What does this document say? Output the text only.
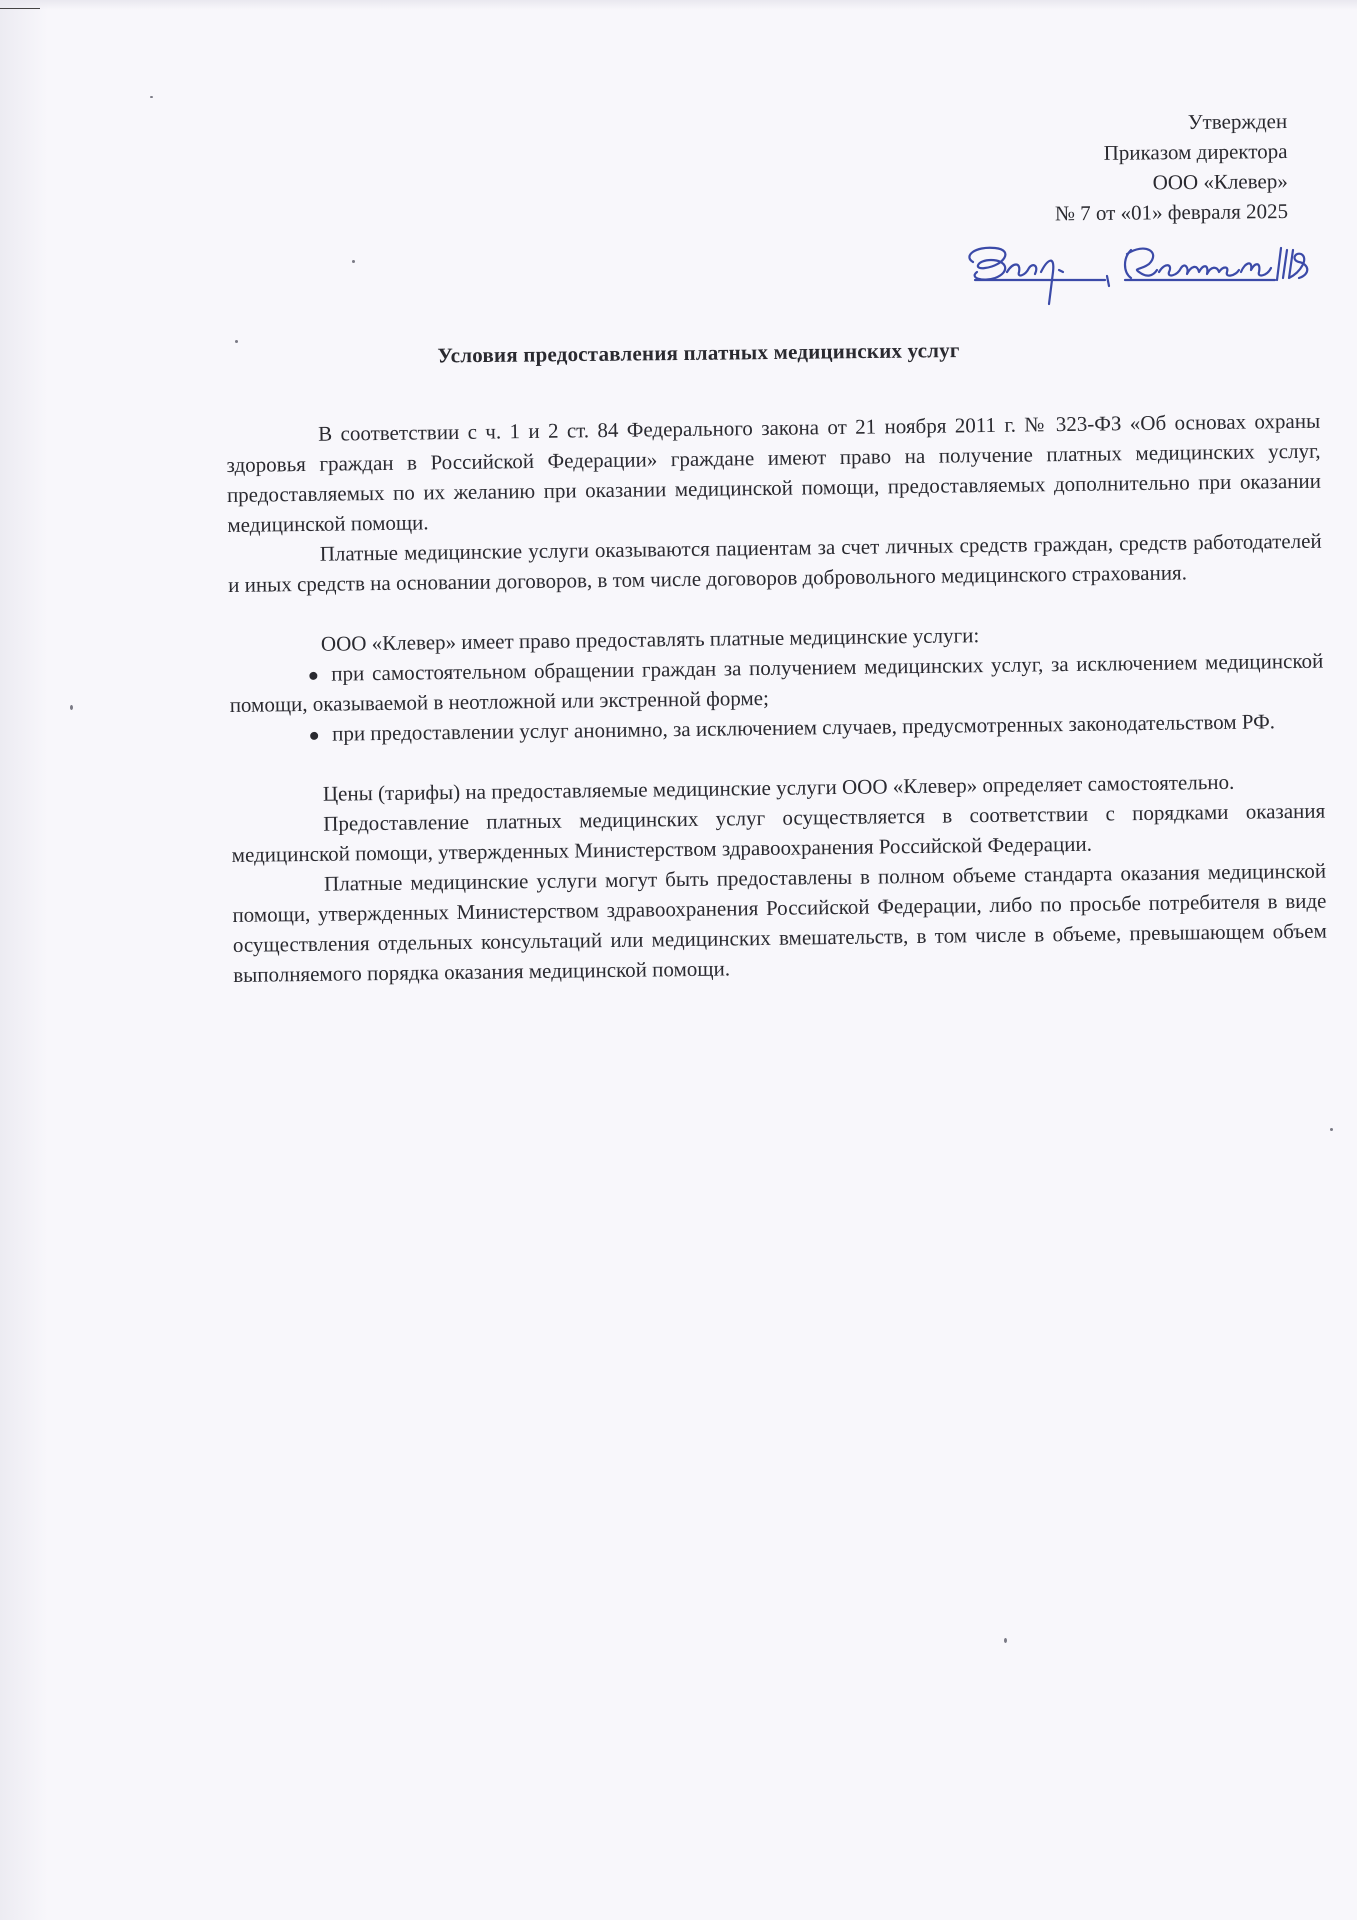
Утвержден
Приказом директора
ООО «Клевер»
№ 7 от «01» февраля 2025
Условия предоставления платных медицинских услуг

В соответствии с ч. 1 и 2 ст. 84 Федерального закона от 21 ноября 2011 г. № 323-ФЗ «Об основах охраны здоровья граждан в Российской Федерации» граждане имеют право на получение платных медицинских услуг, предоставляемых по их желанию при оказании медицинской помощи, предоставляемых дополнительно при оказании медицинской помощи.

Платные медицинские услуги оказываются пациентам за счет личных средств граждан, средств работодателей и иных средств на основании договоров, в том числе договоров добровольного медицинского страхования.

ООО «Клевер» имеет право предоставлять платные медицинские услуги:

при самостоятельном обращении граждан за получением медицинских услуг, за исключением медицинской помощи, оказываемой в неотложной или экстренной форме;
при предоставлении услуг анонимно, за исключением случаев, предусмотренных законодательством РФ.

Цены (тарифы) на предоставляемые медицинские услуги ООО «Клевер» определяет самостоятельно.

Предоставление платных медицинских услуг осуществляется в соответствии с порядками оказания медицинской помощи, утвержденных Министерством здравоохранения Российской Федерации.

Платные медицинские услуги могут быть предоставлены в полном объеме стандарта оказания медицинской помощи, утвержденных Министерством здравоохранения Российской Федерации, либо по просьбе потребителя в виде осуществления отдельных консультаций или медицинских вмешательств, в том числе в объеме, превышающем объем выполняемого порядка оказания медицинской помощи.
